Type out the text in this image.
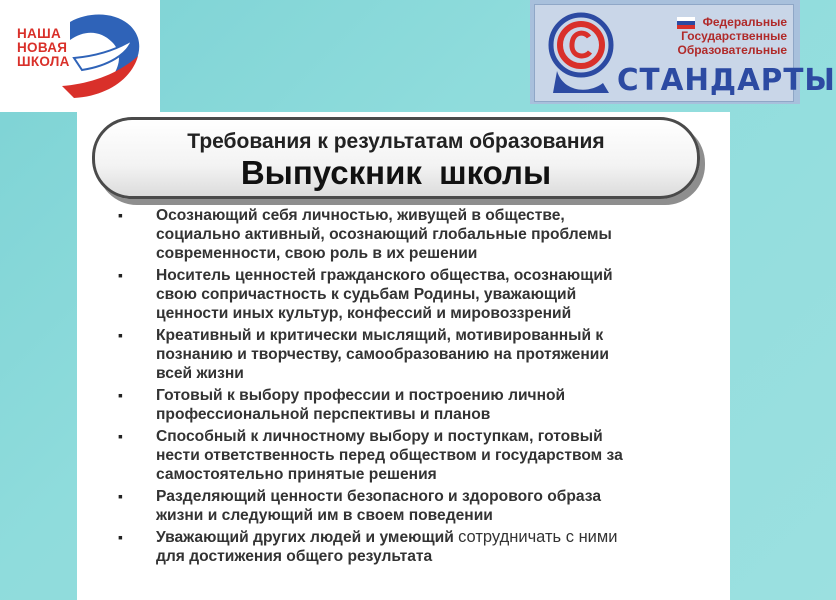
НАША
НОВАЯ
ШКОЛА
Федеральные
Государственные
Образовательные
СТАНДАРТЫ
Требования к результатам образования
Выпускник школы
▪ Осознающий себя личностью, живущей в обществе,
социально активный, осознающий глобальные проблемы
современности, свою роль в их решении
▪ Носитель ценностей гражданского общества, осознающий
свою сопричастность к судьбам Родины, уважающий
ценности иных культур, конфессий и мировоззрений
▪ Креативный и критически мыслящий, мотивированный к
познанию и творчеству, самообразованию на протяжении
всей жизни
▪ Готовый к выбору профессии и построению личной
профессиональной перспективы и планов
▪ Способный к личностному выбору и поступкам, готовый
нести ответственность перед обществом и государством за
самостоятельно принятые решения
▪ Разделяющий ценности безопасного и здорового образа
жизни и следующий им в своем поведении
▪ Уважающий других людей и умеющий сотрудничать с ними
для достижения общего результата
